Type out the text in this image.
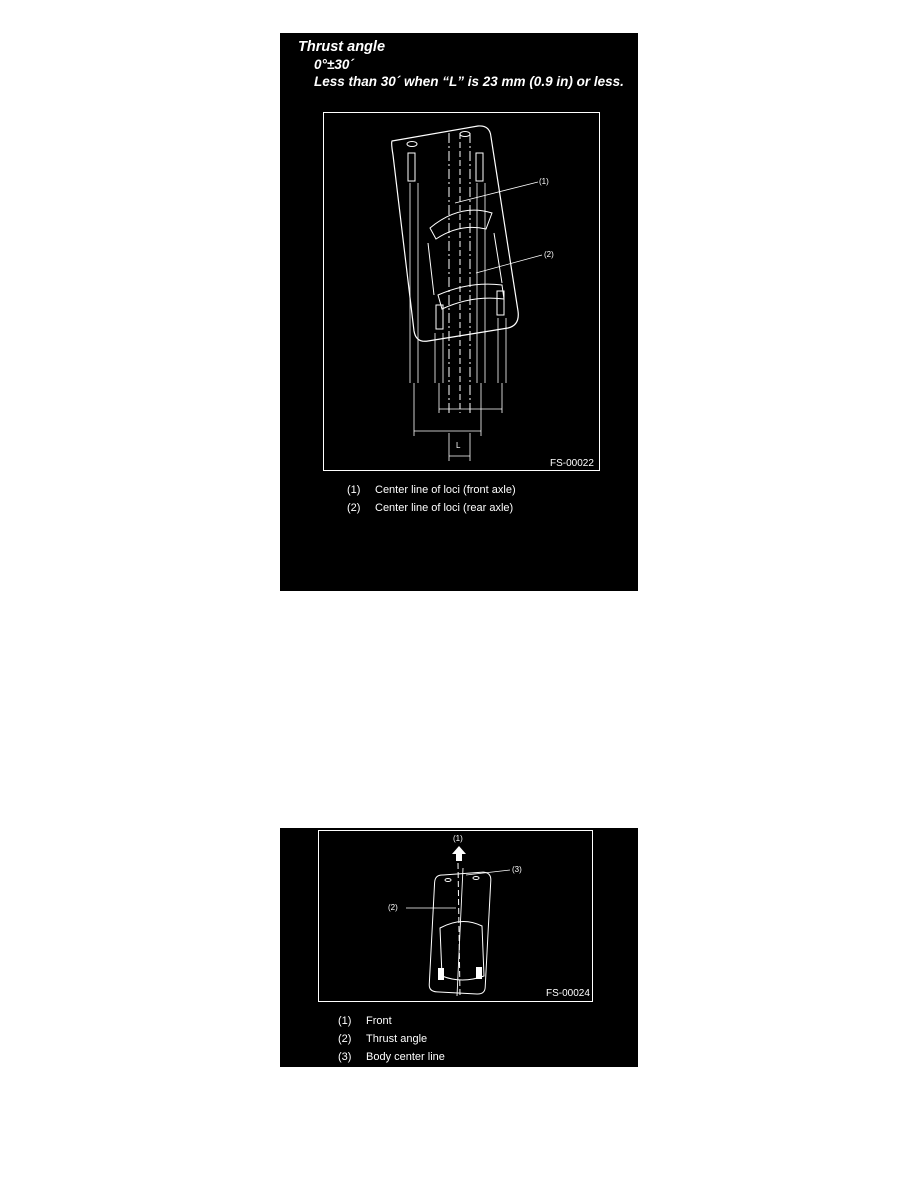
Thrust angle
0°±30´
Less than 30´ when “L” is 23 mm (0.9 in) or less.
(1)
(2)
L
FS-00022
(1)	Center line of loci (front axle)
(2)	Center line of loci (rear axle)
(1)
(2)
(3)
FS-00024
(1)	Front
(2)	Thrust angle
(3)	Body center line
